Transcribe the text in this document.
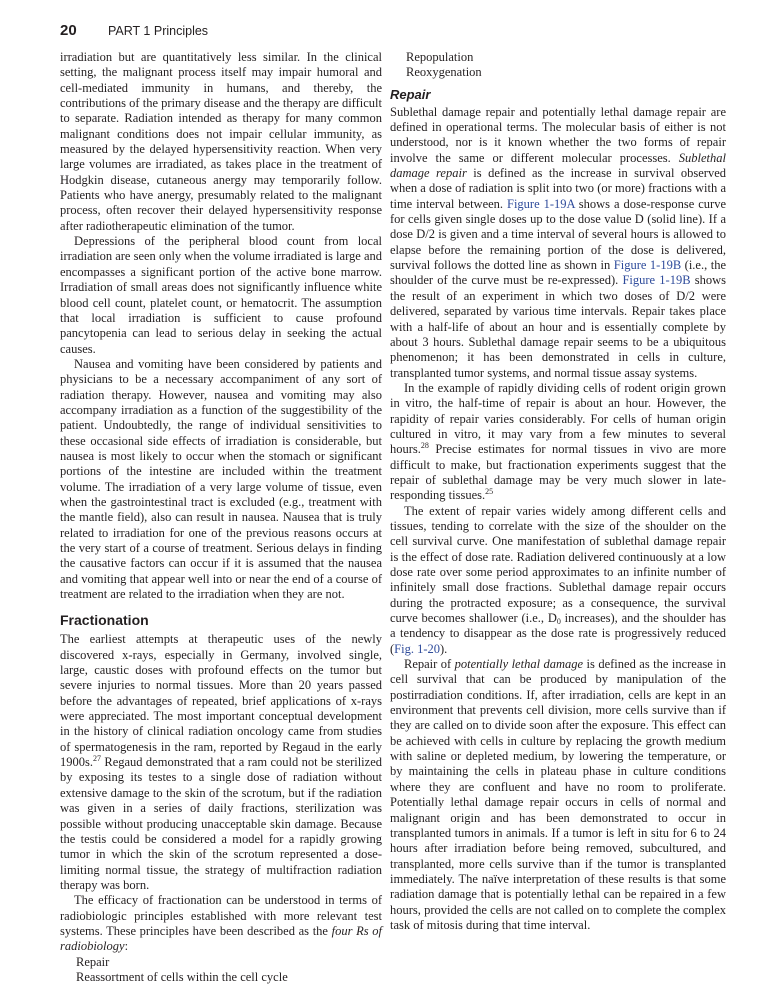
20	PART 1 Principles

irradiation but are quantitatively less similar. In the clinical setting, the malignant process itself may impair humoral and cell-mediated immunity in humans, and thereby, the contributions of the primary disease and the therapy are difficult to separate. Radiation intended as therapy for many common malignant conditions does not impair cellular immunity, as measured by the delayed hypersensitivity reaction. When very large volumes are irradiated, as takes place in the treatment of Hodgkin disease, cutaneous anergy may temporarily follow. Patients who have anergy, presumably related to the malignant process, often recover their delayed hypersensitivity response after radiotherapeutic elimination of the tumor.

Depressions of the peripheral blood count from local irradiation are seen only when the volume irradiated is large and encompasses a significant portion of the active bone marrow. Irradiation of small areas does not significantly influence white blood cell count, platelet count, or hematocrit. The assumption that local irradiation is sufficient to cause profound pancytopenia can lead to serious delay in seeking the actual causes.

Nausea and vomiting have been considered by patients and physicians to be a necessary accompaniment of any sort of radiation therapy. However, nausea and vomiting may also accompany irradiation as a function of the suggestibility of the patient. Undoubtedly, the range of individual sensitivities to these occasional side effects of irradiation is considerable, but nausea is most likely to occur when the stomach or significant portions of the intestine are included within the treatment volume. The irradiation of a very large volume of tissue, even when the gastrointestinal tract is excluded (e.g., treatment with the mantle field), also can result in nausea. Nausea that is truly related to irradiation for one of the previous reasons occurs at the very start of a course of treatment. Serious delays in finding the causative factors can occur if it is assumed that the nausea and vomiting that appear well into or near the end of a course of treatment are related to the irradiation when they are not.

Fractionation

The earliest attempts at therapeutic uses of the newly discovered x-rays, especially in Germany, involved single, large, caustic doses with profound effects on the tumor but severe injuries to normal tissues. More than 20 years passed before the advantages of repeated, brief applications of x-rays were appreciated. The most important conceptual development in the history of clinical radiation oncology came from studies of spermatogenesis in the ram, reported by Regaud in the early 1900s.$^{27}$ Regaud demonstrated that a ram could not be sterilized by exposing its testes to a single dose of radiation without extensive damage to the skin of the scrotum, but if the radiation was given in a series of daily fractions, sterilization was possible without producing unacceptable skin damage. Because the testis could be considered a model for a rapidly growing tumor in which the skin of the scrotum represented a dose-limiting normal tissue, the strategy of multifraction radiation therapy was born.

The efficacy of fractionation can be understood in terms of radiobiologic principles established with more relevant test systems. These principles have been described as the four Rs of radiobiology:

Repair

Reassortment of cells within the cell cycle

Repopulation

Reoxygenation

Repair

Sublethal damage repair and potentially lethal damage repair are defined in operational terms. The molecular basis of either is not understood, nor is it known whether the two forms of repair involve the same or different molecular processes. Sublethal damage repair is defined as the increase in survival observed when a dose of radiation is split into two (or more) fractions with a time interval between. Figure 1-19A shows a dose-response curve for cells given single doses up to the dose value D (solid line). If a dose D/2 is given and a time interval of several hours is allowed to elapse before the remaining portion of the dose is delivered, survival follows the dotted line as shown in Figure 1-19B (i.e., the shoulder of the curve must be re-expressed). Figure 1-19B shows the result of an experiment in which two doses of D/2 were delivered, separated by various time intervals. Repair takes place with a half-life of about an hour and is essentially complete by about 3 hours. Sublethal damage repair seems to be a ubiquitous phenomenon; it has been demonstrated in cells in culture, transplanted tumor systems, and normal tissue assay systems.

In the example of rapidly dividing cells of rodent origin grown in vitro, the half-time of repair is about an hour. However, the rapidity of repair varies considerably. For cells of human origin cultured in vitro, it may vary from a few minutes to several hours.$^{28}$ Precise estimates for normal tissues in vivo are more difficult to make, but fractionation experiments suggest that the repair of sublethal damage may be very much slower in late-responding tissues.$^{25}$

The extent of repair varies widely among different cells and tissues, tending to correlate with the size of the shoulder on the cell survival curve. One manifestation of sublethal damage repair is the effect of dose rate. Radiation delivered continuously at a low dose rate over some period approximates to an infinite number of infinitely small dose fractions. Sublethal damage repair occurs during the protracted exposure; as a consequence, the survival curve becomes shallower (i.e., $D_0$ increases), and the shoulder has a tendency to disappear as the dose rate is progressively reduced (Fig. 1-20).

Repair of potentially lethal damage is defined as the increase in cell survival that can be produced by manipulation of the postirradiation conditions. If, after irradiation, cells are kept in an environment that prevents cell division, more cells survive than if they are called on to divide soon after the exposure. This effect can be achieved with cells in culture by replacing the growth medium with saline or depleted medium, by lowering the temperature, or by maintaining the cells in plateau phase in culture conditions where they are confluent and have no room to proliferate. Potentially lethal damage repair occurs in cells of normal and malignant origin and has been demonstrated to occur in transplanted tumors in animals. If a tumor is left in situ for 6 to 24 hours after irradiation before being removed, subcultured, and transplanted, more cells survive than if the tumor is transplanted immediately. The naïve interpretation of these results is that some radiation damage that is potentially lethal can be repaired in a few hours, provided the cells are not called on to complete the complex task of mitosis during that time interval.
